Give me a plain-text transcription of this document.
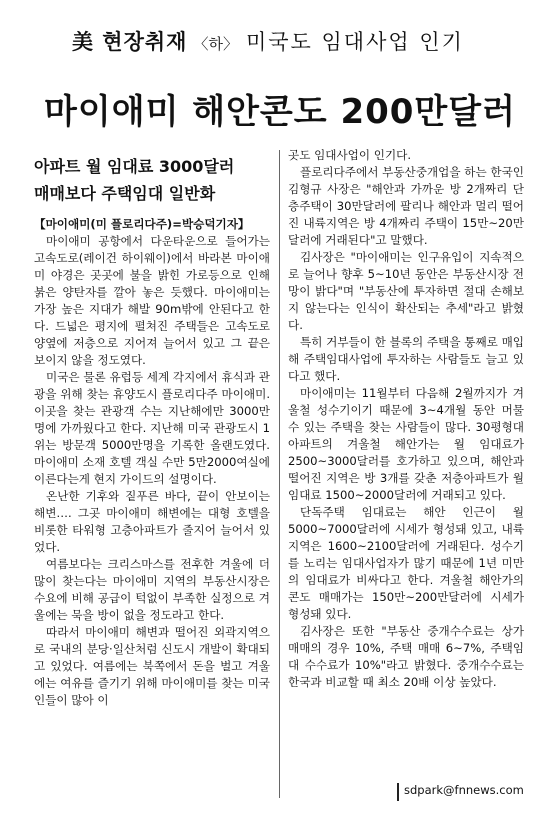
美 현장취재 〈하〉 미국도 임대사업 인기
마이애미 해안콘도 200만달러
아파트 월 임대료 3000달러
매매보다 주택임대 일반화

【마이애미(미 플로리다주)=박승덕기자】

마이애미 공항에서 다운타운으로 들어가는 고속도로(레이건 하이웨이)에서 바라본 마이애미 야경은 곳곳에 불을 밝힌 가로등으로 인해 붉은 양탄자를 깔아 놓은 듯했다. 마이애미는 가장 높은 지대가 해발 90m밖에 안된다고 한다. 드넓은 평지에 펼쳐진 주택들은 고속도로 양옆에 저층으로 지어져 늘어서 있고 그 끝은 보이지 않을 정도였다.

미국은 물론 유럽등 세계 각지에서 휴식과 관광을 위해 찾는 휴양도시 플로리다주 마이애미. 이곳을 찾는 관광객 수는 지난해에만 3000만명에 가까웠다고 한다. 지난해 미국 관광도시 1위는 방문객 5000만명을 기록한 올랜도였다. 마이애미 소재 호텔 객실 수만 5만2000여실에 이른다는게 현지 가이드의 설명이다.

온난한 기후와 짙푸른 바다, 끝이 안보이는 해변…. 그곳 마이애미 해변에는 대형 호텔을 비롯한 타워형 고층아파트가 줄지어 늘어서 있었다.

여름보다는 크리스마스를 전후한 겨울에 더 많이 찾는다는 마이애미 지역의 부동산시장은 수요에 비해 공급이 턱없이 부족한 실정으로 겨울에는 묵을 방이 없을 정도라고 한다.

따라서 마이애미 해변과 떨어진 외곽지역으로 국내의 분당·일산처럼 신도시 개발이 확대되고 있었다. 여름에는 북쪽에서 돈을 벌고 겨울에는 여유를 즐기기 위해 마이애미를 찾는 미국인들이 많아 이

곳도 임대사업이 인기다.

플로리다주에서 부동산중개업을 하는 한국인 김형규 사장은 "해안과 가까운 방 2개짜리 단층주택이 30만달러에 팔리나 해안과 멀리 떨어진 내륙지역은 방 4개짜리 주택이 15만∼20만달러에 거래된다"고 말했다.

김사장은 "마이애미는 인구유입이 지속적으로 늘어나 향후 5∼10년 동안은 부동산시장 전망이 밝다"며 "부동산에 투자하면 절대 손해보지 않는다는 인식이 확산되는 추세"라고 밝혔다.

특히 거부들이 한 블록의 주택을 통째로 매입해 주택임대사업에 투자하는 사람들도 늘고 있다고 했다.

마이애미는 11월부터 다음해 2월까지가 겨울철 성수기이기 때문에 3∼4개월 동안 머물 수 있는 주택을 찾는 사람들이 많다. 30평형대 아파트의 겨울철 해안가는 월 임대료가 2500∼3000달러를 호가하고 있으며, 해안과 떨어진 지역은 방 3개를 갖춘 저층아파트가 월 임대료 1500∼2000달러에 거래되고 있다.

단독주택 임대료는 해안 인근이 월 5000∼7000달러에 시세가 형성돼 있고, 내륙지역은 1600∼2100달러에 거래된다. 성수기를 노리는 임대사업자가 많기 때문에 1년 미만의 임대료가 비싸다고 한다. 겨울철 해안가의 콘도 매매가는 150만∼200만달러에 시세가 형성돼 있다.

김사장은 또한 "부동산 중개수수료는 상가 매매의 경우 10%, 주택 매매 6∼7%, 주택임대 수수료가 10%"라고 밝혔다. 중개수수료는 한국과 비교할 때 최소 20배 이상 높았다.

sdpark@fnnews.com
